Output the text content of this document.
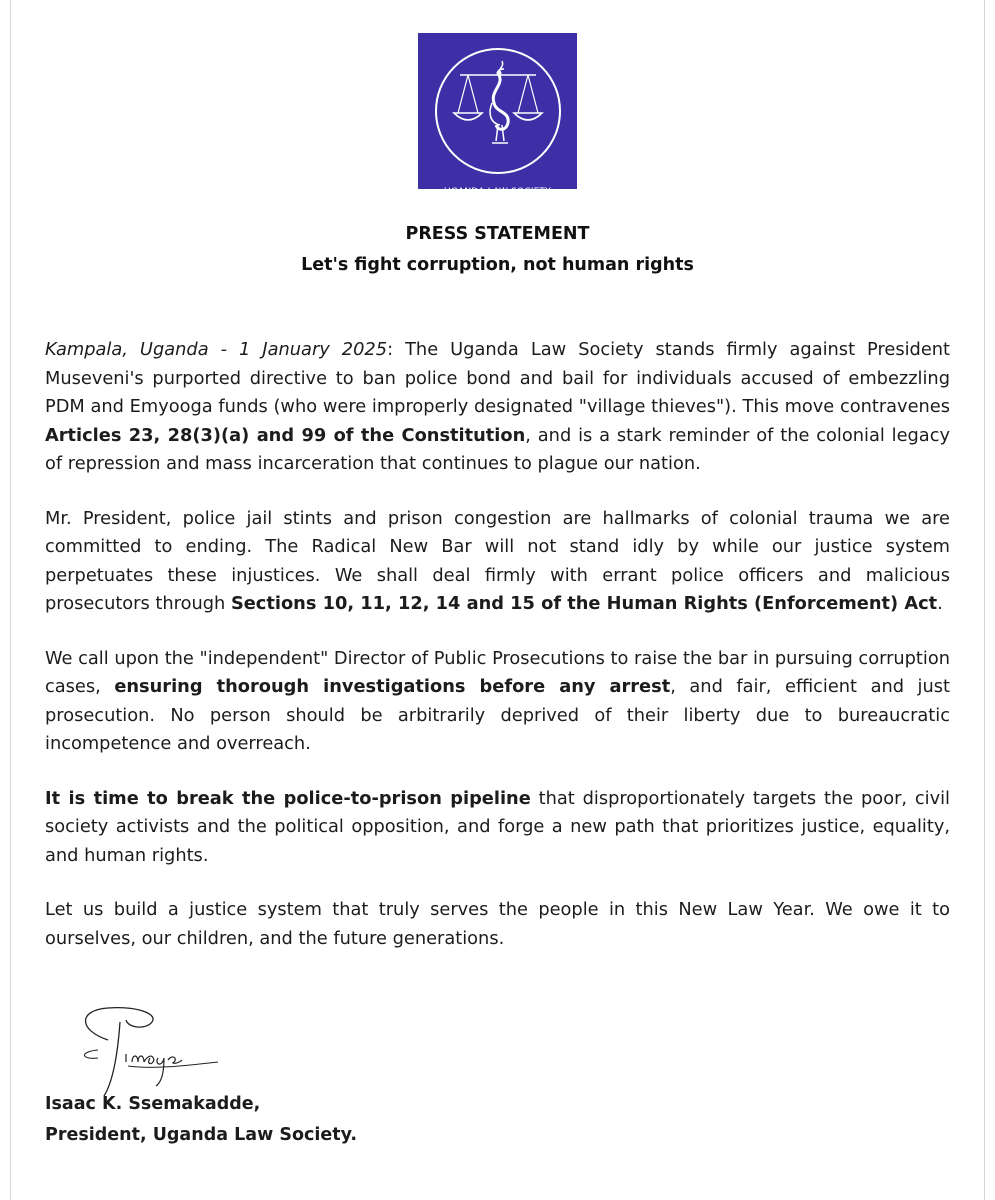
UGANDA LAW SOCIETY
PRESS STATEMENT
Let's fight corruption, not human rights

Kampala, Uganda - 1 January 2025: The Uganda Law Society stands firmly against President Museveni's purported directive to ban police bond and bail for individuals accused of embezzling PDM and Emyooga funds (who were improperly designated "village thieves"). This move contravenes Articles 23, 28(3)(a) and 99 of the Constitution, and is a stark reminder of the colonial legacy of repression and mass incarceration that continues to plague our nation.

Mr. President, police jail stints and prison congestion are hallmarks of colonial trauma we are committed to ending. The Radical New Bar will not stand idly by while our justice system perpetuates these injustices. We shall deal firmly with errant police officers and malicious prosecutors through Sections 10, 11, 12, 14 and 15 of the Human Rights (Enforcement) Act.

We call upon the "independent" Director of Public Prosecutions to raise the bar in pursuing corruption cases, ensuring thorough investigations before any arrest, and fair, efficient and just prosecution. No person should be arbitrarily deprived of their liberty due to bureaucratic incompetence and overreach.

It is time to break the police-to-prison pipeline that disproportionately targets the poor, civil society activists and the political opposition, and forge a new path that prioritizes justice, equality, and human rights.

Let us build a justice system that truly serves the people in this New Law Year. We owe it to ourselves, our children, and the future generations.

Isaac K. Ssemakadde,
President, Uganda Law Society.
